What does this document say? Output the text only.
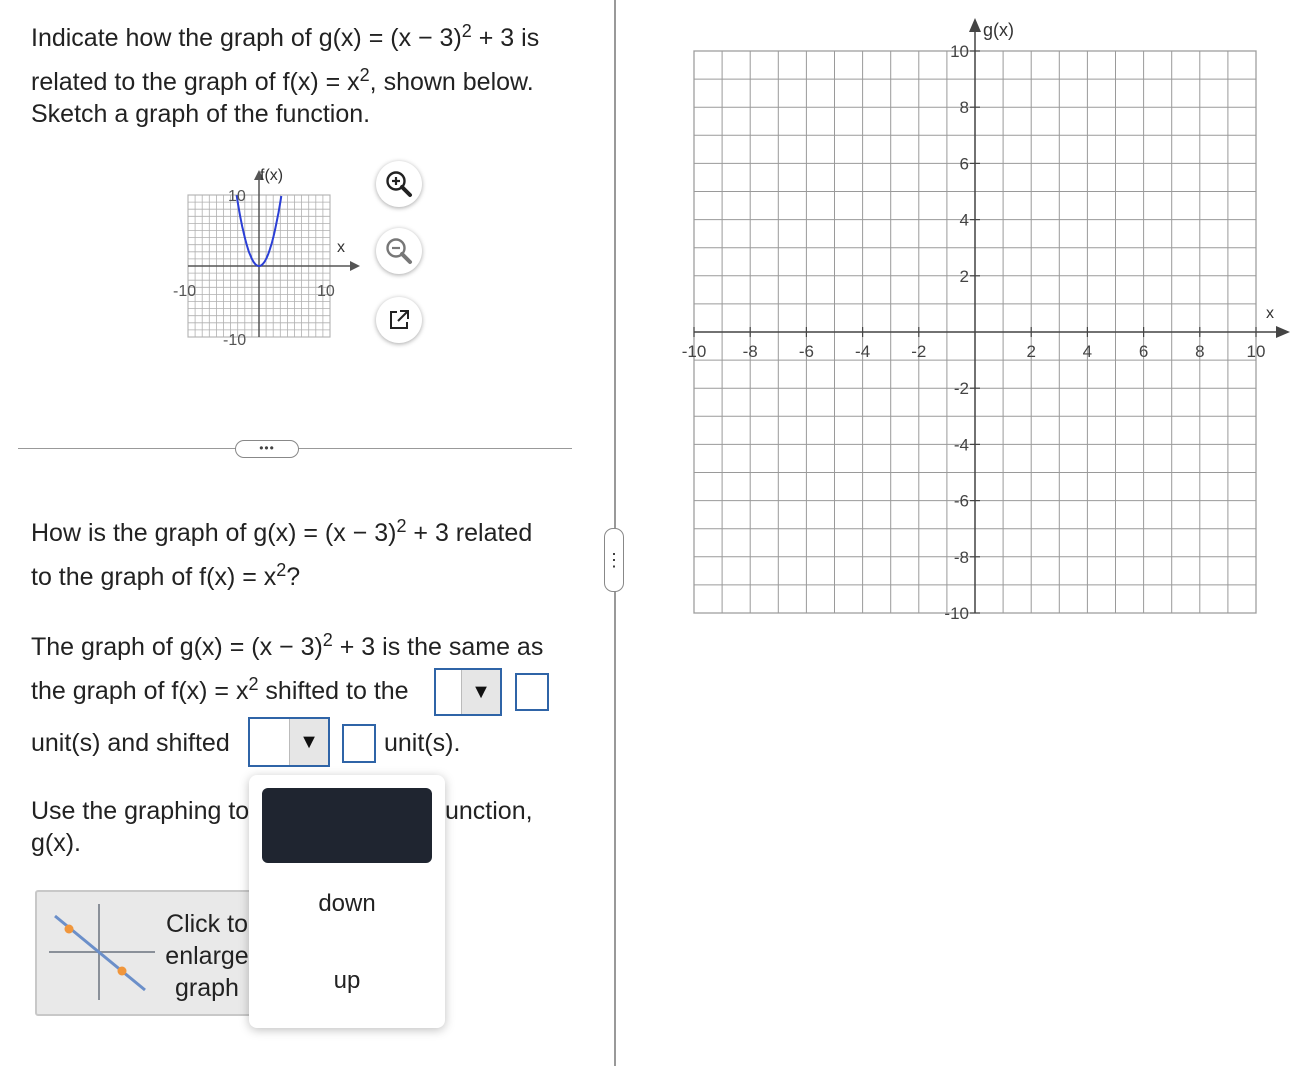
Indicate how the graph of $g(x) = (x - 3)^2 + 3$ is
related to the graph of $f(x) = x^2$, shown below.
Sketch a graph of the function.
f(x)
x
10
-10
-10	10
•••
⋮
How is the graph of $g(x) = (x - 3)^2 + 3$ related
to the graph of $f(x) = x^2$?
The graph of $g(x) = (x - 3)^2 + 3$ is the same as
the graph of $f(x) = x^2$ shifted to the	▼
unit(s) and shifted	▼	unit(s).
Use the graphing to	unction,
g(x).
Click to
enlarge
graph
down
up
g(x)
x
-10 -8 -6 -4 -2	2	4	6	8 10
10
8
6
4
2
-2
-4
-6
-8
-10
